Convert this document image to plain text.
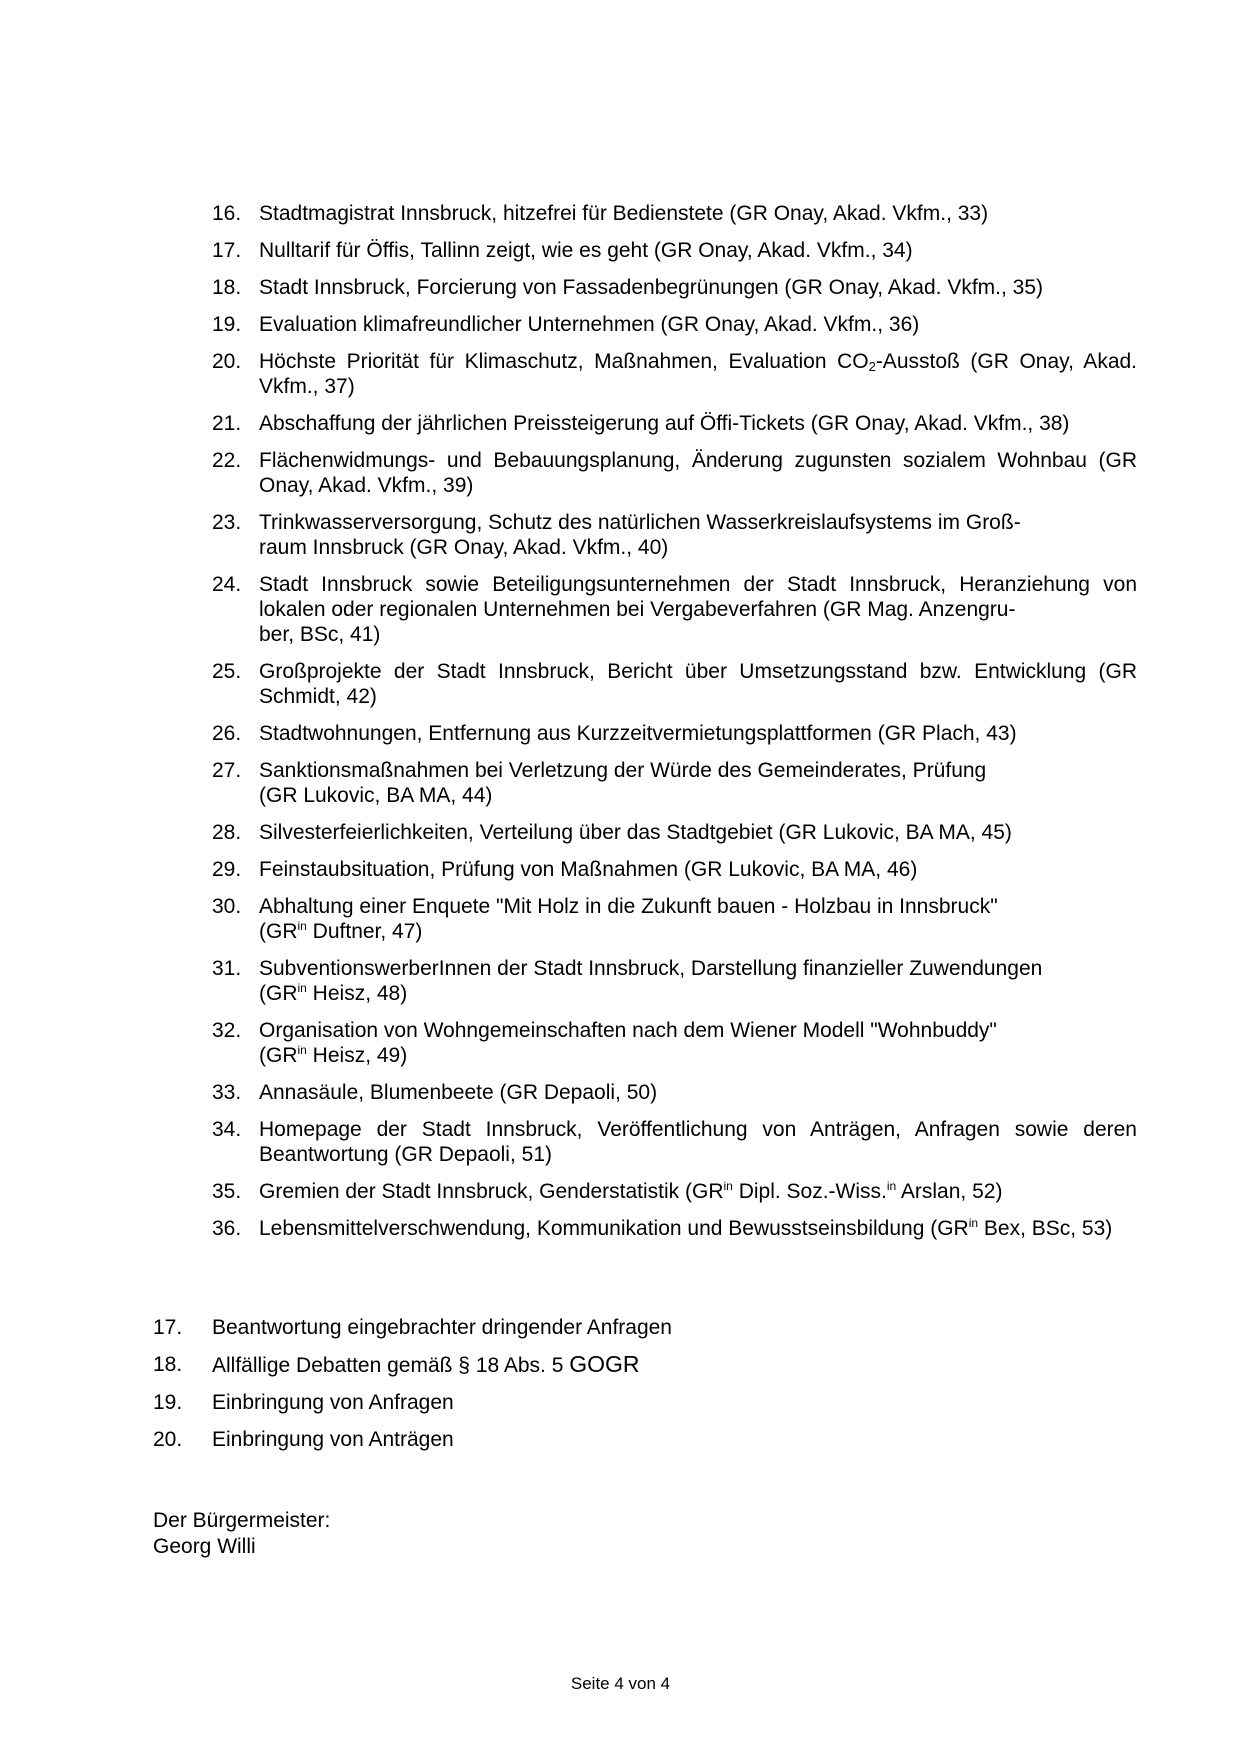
16. Stadtmagistrat Innsbruck, hitzefrei für Bedienstete (GR Onay, Akad. Vkfm., 33)
17. Nulltarif für Öffis, Tallinn zeigt, wie es geht (GR Onay, Akad. Vkfm., 34)
18. Stadt Innsbruck, Forcierung von Fassadenbegrünungen (GR Onay, Akad. Vkfm., 35)
19. Evaluation klimafreundlicher Unternehmen (GR Onay, Akad. Vkfm., 36)
20. Höchste Priorität für Klimaschutz, Maßnahmen, Evaluation $CO_2$-Ausstoß (GR Onay, Akad. Vkfm., 37)
21. Abschaffung der jährlichen Preissteigerung auf Öffi-Tickets (GR Onay, Akad. Vkfm., 38)
22. Flächenwidmungs- und Bebauungsplanung, Änderung zugunsten sozialem Wohnbau (GR Onay, Akad. Vkfm., 39)
23. Trinkwasserversorgung, Schutz des natürlichen Wasserkreislaufsystems im Groß-
raum Innsbruck (GR Onay, Akad. Vkfm., 40)
24. Stadt Innsbruck sowie Beteiligungsunternehmen der Stadt Innsbruck, Heranziehung von lokalen oder regionalen Unternehmen bei Vergabeverfahren (GR Mag. Anzengru-
ber, BSc, 41)
25. Großprojekte der Stadt Innsbruck, Bericht über Umsetzungsstand bzw. Entwicklung (GR Schmidt, 42)
26. Stadtwohnungen, Entfernung aus Kurzzeitvermietungsplattformen (GR Plach, 43)
27. Sanktionsmaßnahmen bei Verletzung der Würde des Gemeinderates, Prüfung
(GR Lukovic, BA MA, 44)
28. Silvesterfeierlichkeiten, Verteilung über das Stadtgebiet (GR Lukovic, BA MA, 45)
29. Feinstaubsituation, Prüfung von Maßnahmen (GR Lukovic, BA MA, 46)
30. Abhaltung einer Enquete "Mit Holz in die Zukunft bauen - Holzbau in Innsbruck"
($GR^{in}$ Duftner, 47)
31. SubventionswerberInnen der Stadt Innsbruck, Darstellung finanzieller Zuwendungen
($GR^{in}$ Heisz, 48)
32. Organisation von Wohngemeinschaften nach dem Wiener Modell "Wohnbuddy"
($GR^{in}$ Heisz, 49)
33. Annasäule, Blumenbeete (GR Depaoli, 50)
34. Homepage der Stadt Innsbruck, Veröffentlichung von Anträgen, Anfragen sowie deren Beantwortung (GR Depaoli, 51)
35. Gremien der Stadt Innsbruck, Genderstatistik ($GR^{in}$ Dipl. Soz.-Wiss.$^{in}$ Arslan, 52)
36. Lebensmittelverschwendung, Kommunikation und Bewusstseinsbildung ($GR^{in}$ Bex, BSc, 53)
17.	Beantwortung eingebrachter dringender Anfragen
18.	Allfällige Debatten gemäß § 18 Abs. 5 GOGR
19.	Einbringung von Anfragen
20.	Einbringung von Anträgen
Der Bürgermeister:
Georg Willi
Seite 4 von 4
